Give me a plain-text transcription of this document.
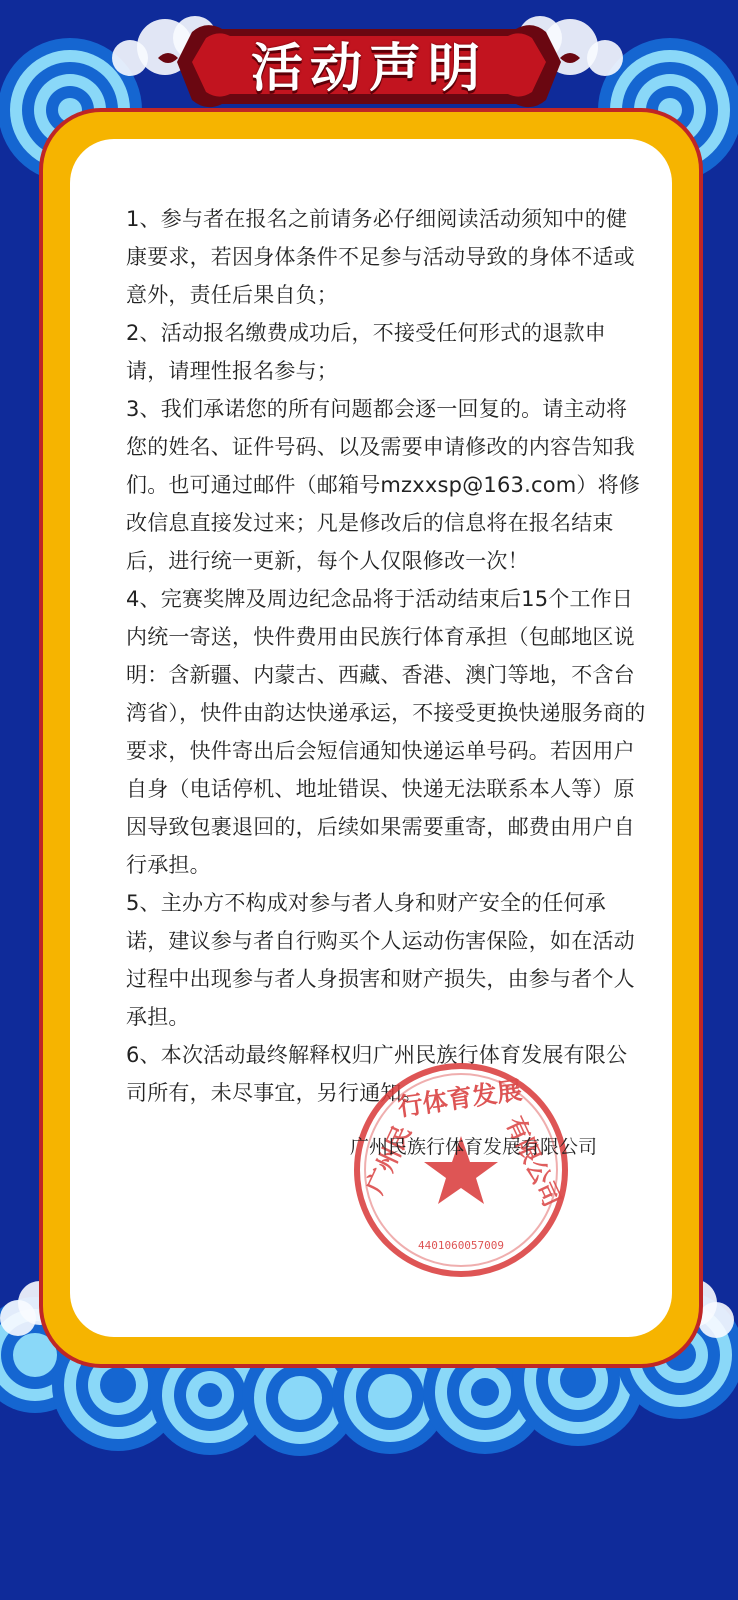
活动声明

1、参与者在报名之前请务必仔细阅读活动须知中的健康要求，若因身体条件不足参与活动导致的身体不适或意外，责任后果自负；

2、活动报名缴费成功后，不接受任何形式的退款申请，请理性报名参与；

3、我们承诺您的所有问题都会逐一回复的。请主动将您的姓名、证件号码、以及需要申请修改的内容告知我们。也可通过邮件（邮箱号mzxxsp@163.com）将修改信息直接发过来；凡是修改后的信息将在报名结束后，进行统一更新，每个人仅限修改一次！

4、完赛奖牌及周边纪念品将于活动结束后15个工作日内统一寄送，快件费用由民族行体育承担（包邮地区说明：含新疆、内蒙古、西藏、香港、澳门等地，不含台湾省），快件由韵达快递承运，不接受更换快递服务商的要求，快件寄出后会短信通知快递运单号码。若因用户自身（电话停机、地址错误、快递无法联系本人等）原因导致包裹退回的，后续如果需要重寄，邮费由用户自行承担。

5、主办方不构成对参与者人身和财产安全的任何承诺，建议参与者自行购买个人运动伤害保险，如在活动过程中出现参与者人身损害和财产损失，由参与者个人承担。

6、本次活动最终解释权归广州民族行体育发展有限公司所有，未尽事宜，另行通知。

行体育发展
广州民	有限公司
4401060057009
广州民族行体育发展有限公司
